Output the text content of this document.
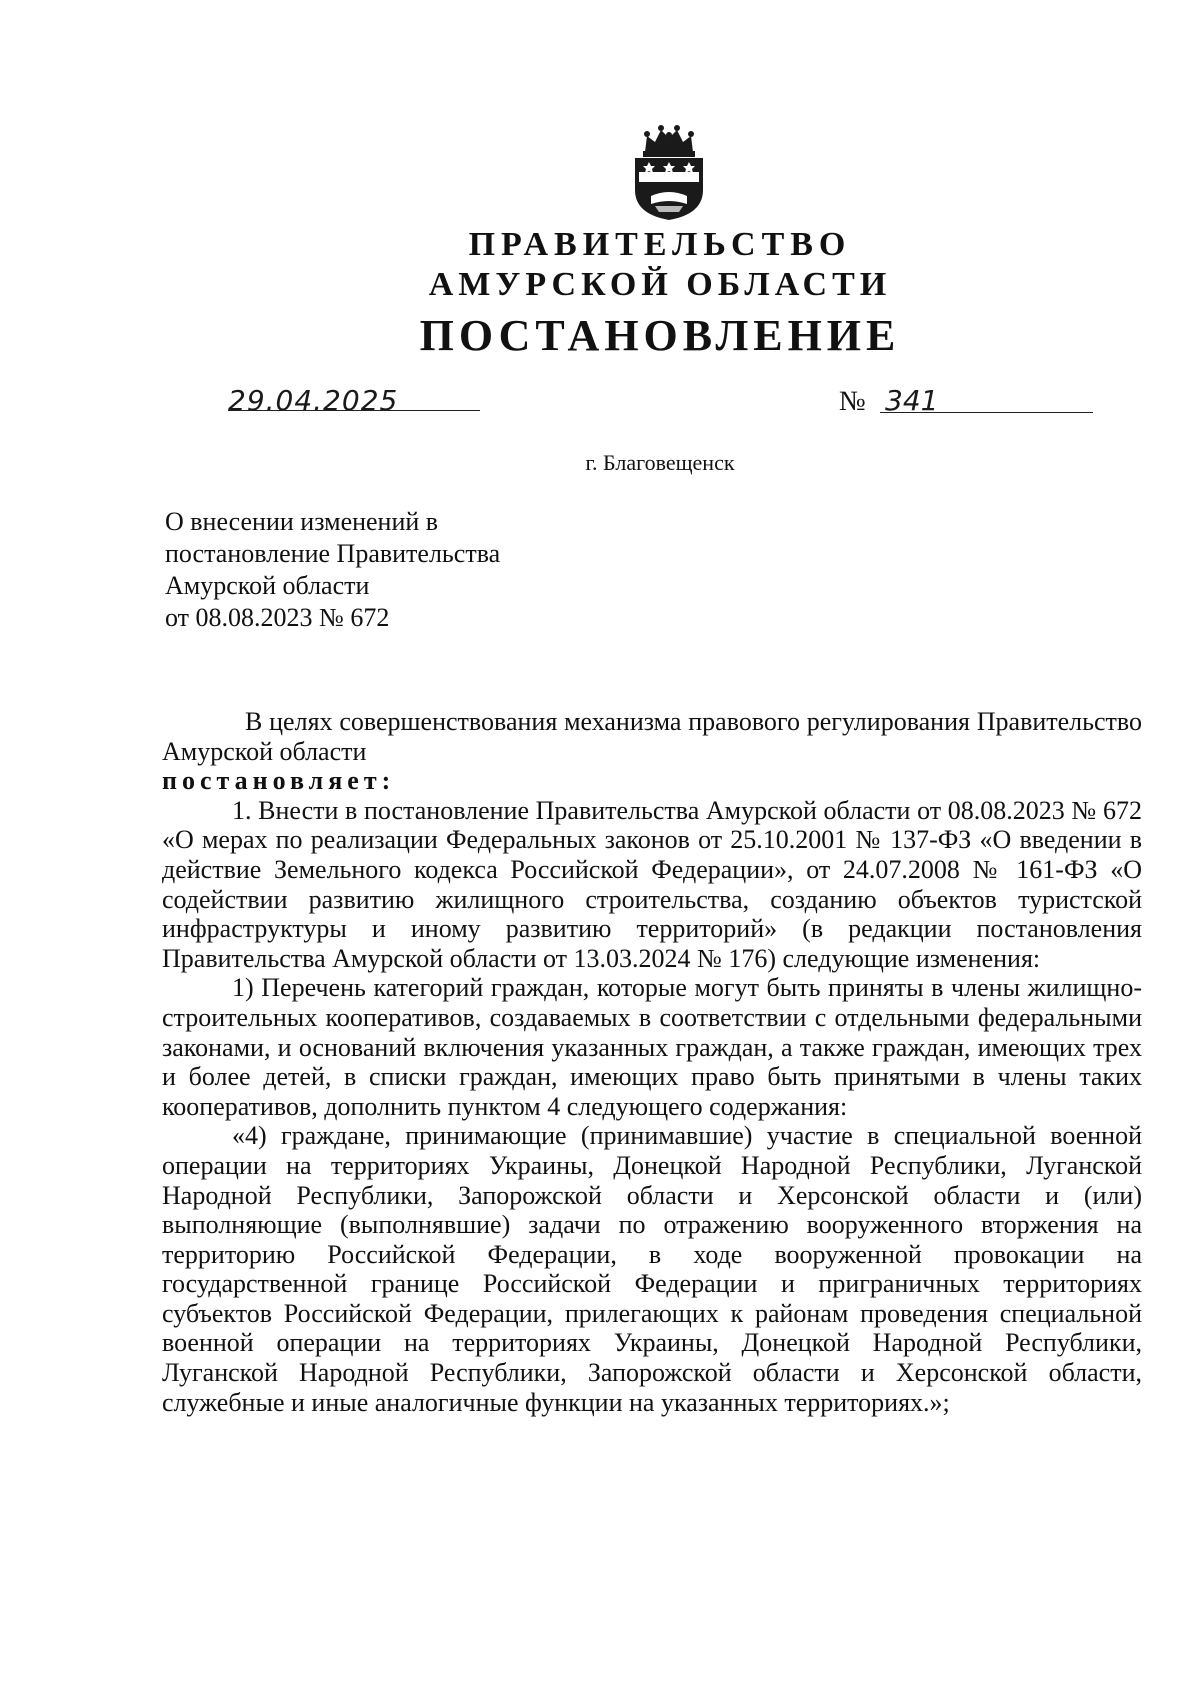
ПРАВИТЕЛЬСТВО
АМУРСКОЙ ОБЛАСТИ
ПОСТАНОВЛЕНИЕ
29.04.2025	№ 341
г. Благовещенск
О внесении изменений в
постановление Правительства
Амурской области
от 08.08.2023 № 672

В целях совершенствования механизма правового регулирования Правительство Амурской области

постановляет:

1. Внести в постановление Правительства Амурской области от 08.08.2023 № 672 «О мерах по реализации Федеральных законов от 25.10.2001 № 137-ФЗ «О введении в действие Земельного кодекса Российской Федерации», от 24.07.2008 № 161-ФЗ «О содействии развитию жилищного строительства, созданию объектов туристской инфраструктуры и иному развитию территорий» (в редакции постановления Правительства Амурской области от 13.03.2024 № 176) следующие изменения:

1) Перечень категорий граждан, которые могут быть приняты в члены жилищно-строительных кооперативов, создаваемых в соответствии с отдельными федеральными законами, и оснований включения указанных граждан, а также граждан, имеющих трех и более детей, в списки граждан, имеющих право быть принятыми в члены таких кооперативов, дополнить пунктом 4 следующего содержания:

«4) граждане, принимающие (принимавшие) участие в специальной военной операции на территориях Украины, Донецкой Народной Республики, Луганской Народной Республики, Запорожской области и Херсонской области и (или) выполняющие (выполнявшие) задачи по отражению вооруженного вторжения на территорию Российской Федерации, в ходе вооруженной провокации на государственной границе Российской Федерации и приграничных территориях субъектов Российской Федерации, прилегающих к районам проведения специальной военной операции на территориях Украины, Донецкой Народной Республики, Луганской Народной Республики, Запорожской области и Херсонской области, служебные и иные аналогичные функции на указанных территориях.»;
